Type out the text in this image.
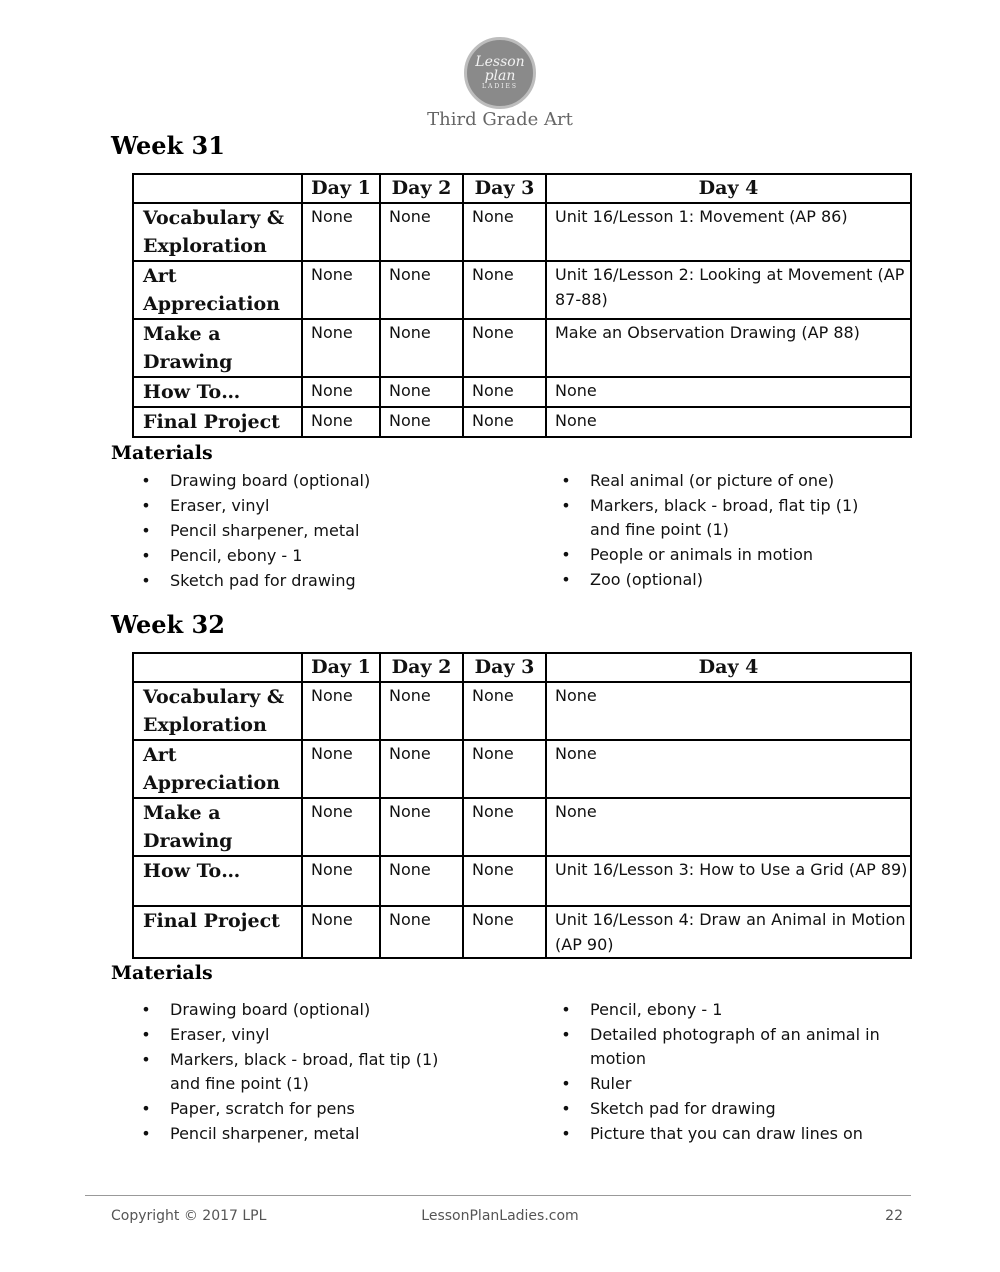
Lesson
plan
LADIES
Third Grade Art
Week 31
	Day 1	Day 2	Day 3	Day 4
Vocabulary & Exploration	None	None	None	Unit 16/Lesson 1: Movement (AP 86)
Art Appreciation	None	None	None	Unit 16/Lesson 2: Looking at Movement (AP 87-88)
Make a Drawing	None	None	None	Make an Observation Drawing (AP 88)
How To…	None	None	None	None
Final Project	None	None	None	None
Materials
• Drawing board (optional)
• Eraser, vinyl
• Pencil sharpener, metal
• Pencil, ebony - 1
• Sketch pad for drawing
• Real animal (or picture of one)
• Markers, black - broad, flat tip (1) and fine point (1)
• People or animals in motion
• Zoo (optional)
Week 32
	Day 1	Day 2	Day 3	Day 4
Vocabulary & Exploration	None	None	None	None
Art Appreciation	None	None	None	None
Make a Drawing	None	None	None	None
How To…	None	None	None	Unit 16/Lesson 3: How to Use a Grid (AP 89)
Final Project	None	None	None	Unit 16/Lesson 4: Draw an Animal in Motion (AP 90)
Materials
• Drawing board (optional)
• Eraser, vinyl
• Markers, black - broad, flat tip (1) and fine point (1)
• Paper, scratch for pens
• Pencil sharpener, metal
• Pencil, ebony - 1
• Detailed photograph of an animal in motion
• Ruler
• Sketch pad for drawing
• Picture that you can draw lines on
Copyright © 2017 LPL	LessonPlanLadies.com	22
